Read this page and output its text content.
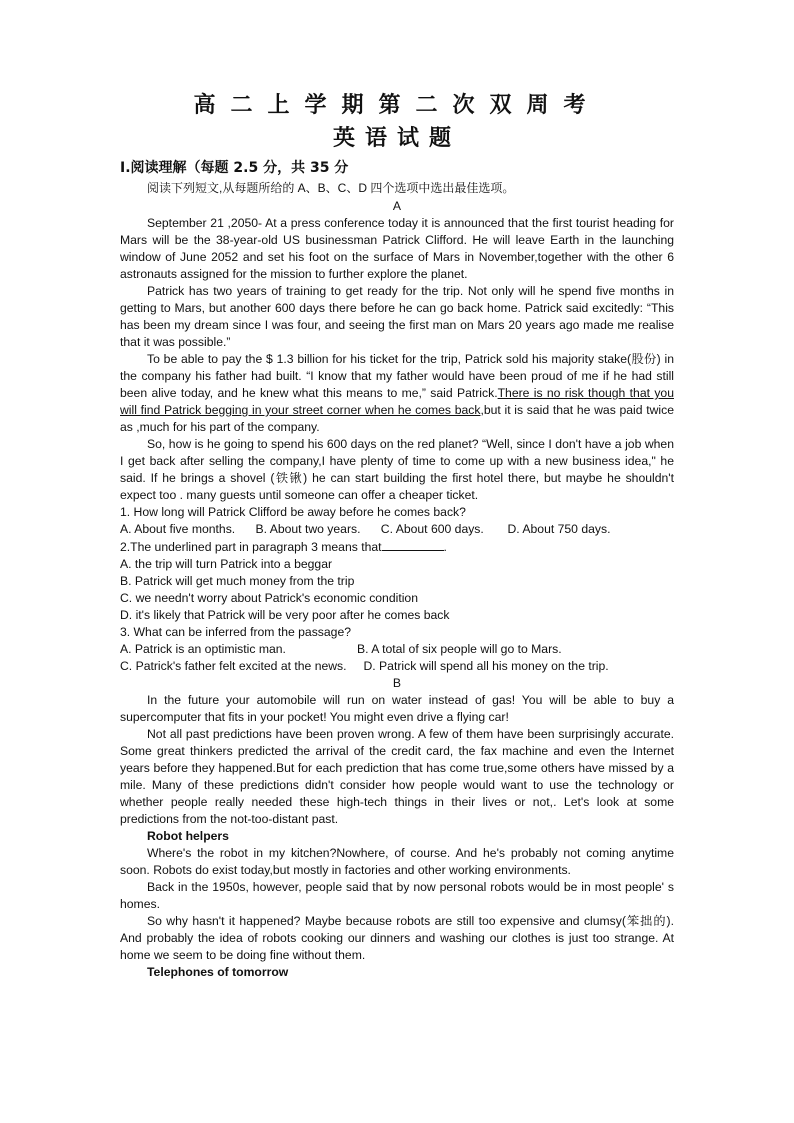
高二上学期第二次双周考
英语试题
Ⅰ.阅读理解（每题 2.5 分，共 35 分
阅读下列短文,从每题所给的 A、B、C、D 四个选项中选出最佳选项。

A

September 21 ,2050- At a press conference today it is announced that the first tourist heading for Mars will be the 38-year-old US businessman Patrick Clifford. He will leave Earth in the launching window of June 2052 and set his foot on the surface of Mars in November,together with the other 6 astronauts assigned for the mission to further explore the planet.

Patrick has two years of training to get ready for the trip. Not only will he spend five months in getting to Mars, but another 600 days there before he can go back home. Patrick said excitedly: “This has been my dream since I was four, and seeing the first man on Mars 20 years ago made me realise that it was possible.”

To be able to pay the $ 1.3 billion for his ticket for the trip, Patrick sold his majority stake(股份) in the company his father had built. “I know that my father would have been proud of me if he had still been alive today, and he knew what this means to me,” said Patrick.There is no risk though that you will find Patrick begging in your street corner when he comes back,but it is said that he was paid twice as ,much for his part of the company.

So, how is he going to spend his 600 days on the red planet? “Well, since I don't have a job when I get back after selling the company,I have plenty of time to come up with a new business idea," he said. If he brings a shovel (铁锹) he can start building the first hotel there, but maybe he shouldn't expect too . many guests until someone can offer a cheaper ticket.

1. How long will Patrick Clifford be away before he comes back?

A. About five months.      B. About two years.      C. About 600 days.       D. About 750 days.

2.The underlined part in paragraph 3 means that	.

A. the trip will turn Patrick into a beggar

B. Patrick will get much money from the trip

C. we needn't worry about Patrick's economic condition

D. it's likely that Patrick will be very poor after he comes back

3. What can be inferred from the passage?

A. Patrick is an optimistic man.                     B. A total of six people will go to Mars.

C. Patrick's father felt excited at the news.     D. Patrick will spend all his money on the trip.

B

In the future your automobile will run on water instead of gas! You will be able to buy a supercomputer that fits in your pocket! You might even drive a flying car!

Not all past predictions have been proven wrong. A few of them have been surprisingly accurate. Some great thinkers predicted the arrival of the credit card, the fax machine and even the Internet years before they happened.But for each prediction that has come true,some others have missed by a mile. Many of these predictions didn't consider how people would want to use the technology or whether people really needed these high-tech things in their lives or not,. Let's look at some predictions from the not-too-distant past.

Robot helpers

Where's the robot in my kitchen?Nowhere, of course. And he's probably not coming anytime soon. Robots do exist today,but mostly in factories and other working environments.

Back in the 1950s, however, people said that by now personal robots would be in most people' s homes.

So why hasn't it happened? Maybe because robots are still too expensive and clumsy(笨拙的). And probably the idea of robots cooking our dinners and washing our clothes is just too strange. At home we seem to be doing fine without them.

Telephones of tomorrow
